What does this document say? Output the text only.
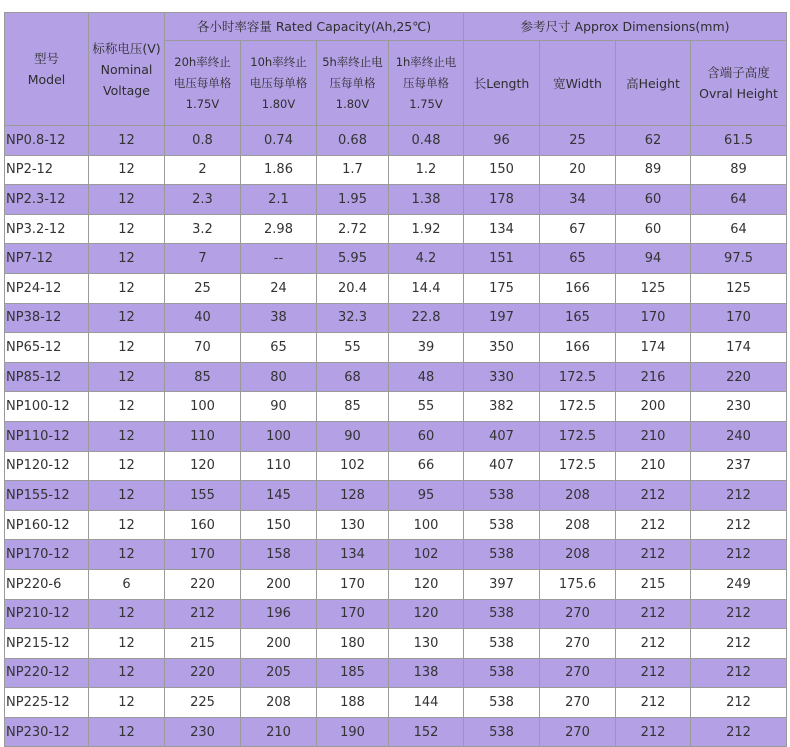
型号
Model	标称电压(V)
Nominal
Voltage	各小时率容量 Rated Capacity(Ah,25℃)				参考尺寸 Approx Dimensions(mm)			

		20h率终止
电压每单格
1.75V	10h率终止
电压每单格
1.80V	5h率终止电
压每单格
1.80V	1h率终止电
压每单格
1.75V	长Length	宽Width	高Height	含端子高度
Ovral Height

NP0.8-12	12	0.8	0.74	0.68	0.48	96	25	62	61.5
NP2-12	12	2	1.86	1.7	1.2	150	20	89	89
NP2.3-12	12	2.3	2.1	1.95	1.38	178	34	60	64
NP3.2-12	12	3.2	2.98	2.72	1.92	134	67	60	64
NP7-12	12	7	--	5.95	4.2	151	65	94	97.5
NP24-12	12	25	24	20.4	14.4	175	166	125	125
NP38-12	12	40	38	32.3	22.8	197	165	170	170
NP65-12	12	70	65	55	39	350	166	174	174
NP85-12	12	85	80	68	48	330	172.5	216	220
NP100-12	12	100	90	85	55	382	172.5	200	230
NP110-12	12	110	100	90	60	407	172.5	210	240
NP120-12	12	120	110	102	66	407	172.5	210	237
NP155-12	12	155	145	128	95	538	208	212	212
NP160-12	12	160	150	130	100	538	208	212	212
NP170-12	12	170	158	134	102	538	208	212	212
NP220-6	6	220	200	170	120	397	175.6	215	249
NP210-12	12	212	196	170	120	538	270	212	212
NP215-12	12	215	200	180	130	538	270	212	212
NP220-12	12	220	205	185	138	538	270	212	212
NP225-12	12	225	208	188	144	538	270	212	212
NP230-12	12	230	210	190	152	538	270	212	212
